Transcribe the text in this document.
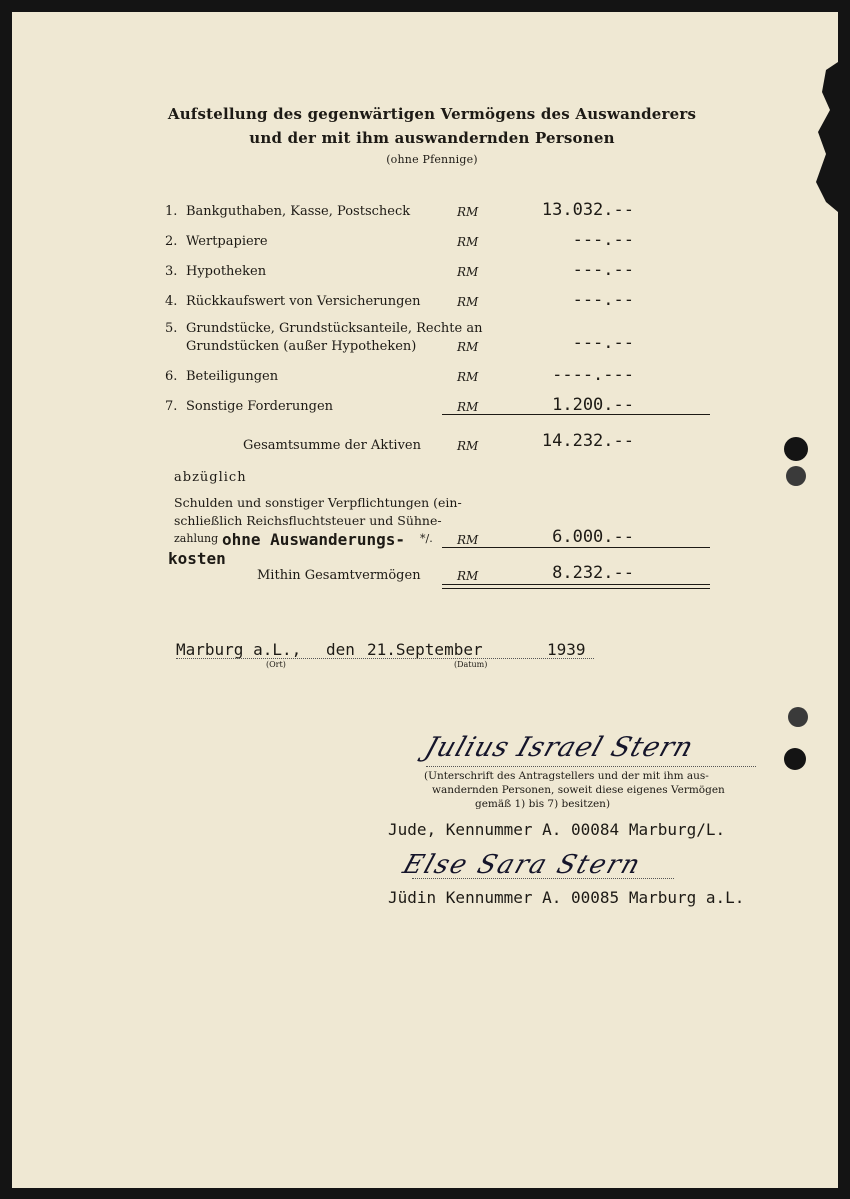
Aufstellung des gegenwärtigen Vermögens des Auswanderers
und der mit ihm auswandernden Personen
(ohne Pfennige)
1. Bankguthaben, Kasse, Postscheck	RM	13.032.--
2. Wertpapiere	RM	---.--
3. Hypotheken	RM	---.--
4. Rückkaufswert von Versicherungen	RM	---.--
5. Grundstücke, Grundstücksanteile, Rechte an
Grundstücken (außer Hypotheken)	RM	---.--
6. Beteiligungen	RM	----.---
7. Sonstige Forderungen	RM	1.200.--
Gesamtsumme der Aktiven	RM	14.232.--
abzüglich
Schulden und sonstiger Verpflichtungen (ein-
schließlich Reichsfluchtsteuer und Sühne-
zahlung ohne Auswanderungs-
kosten
*/. RM	6.000.--
Mithin Gesamtvermögen	RM	8.232.--
Marburg a.L., den 21.September	1939
(Ort)	(Datum)
Julius Israel Stern
(Unterschrift des Antragstellers und der mit ihm aus-
wandernden Personen, soweit diese eigenes Vermögen
gemäß 1) bis 7) besitzen)
Jude, Kennummer A. 00084 Marburg/L.
Else Sara Stern
Jüdin Kennummer A. 00085 Marburg a.L.
